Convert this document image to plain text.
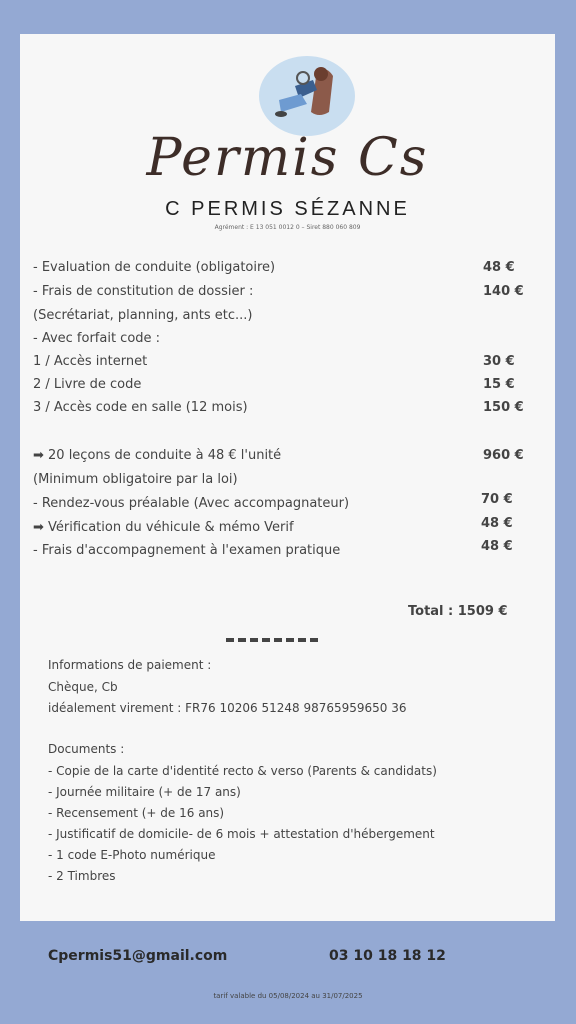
Permis Cs
C PERMIS SÉZANNE
Agrément : E 13 051 0012 0 – Siret 880 060 809
- Evaluation de conduite (obligatoire)	48 €
- Frais de constitution de dossier :	140 €
(Secrétariat, planning, ants etc...)
- Avec forfait code :
1 / Accès internet	30 €
2 / Livre de code	15 €
3 / Accès code en salle (12 mois)	150 €
➡ 20 leçons de conduite à 48 € l'unité	960 €
(Minimum obligatoire par la loi)
- Rendez-vous préalable (Avec accompagnateur)	70 €
➡ Vérification du véhicule & mémo Verif	48 €
- Frais d'accompagnement à l'examen pratique	48 €
Total : 1509 €
Informations de paiement :
Chèque, Cb
idéalement virement : FR76 10206 51248 98765959650 36
Documents :
- Copie de la carte d'identité recto & verso (Parents & candidats)
- Journée militaire (+ de 17 ans)
- Recensement (+ de 16 ans)
- Justificatif de domicile- de 6 mois + attestation d'hébergement
- 1 code E-Photo numérique
- 2 Timbres
Cpermis51@gmail.com	03 10 18 18 12
tarif valable du 05/08/2024 au 31/07/2025
